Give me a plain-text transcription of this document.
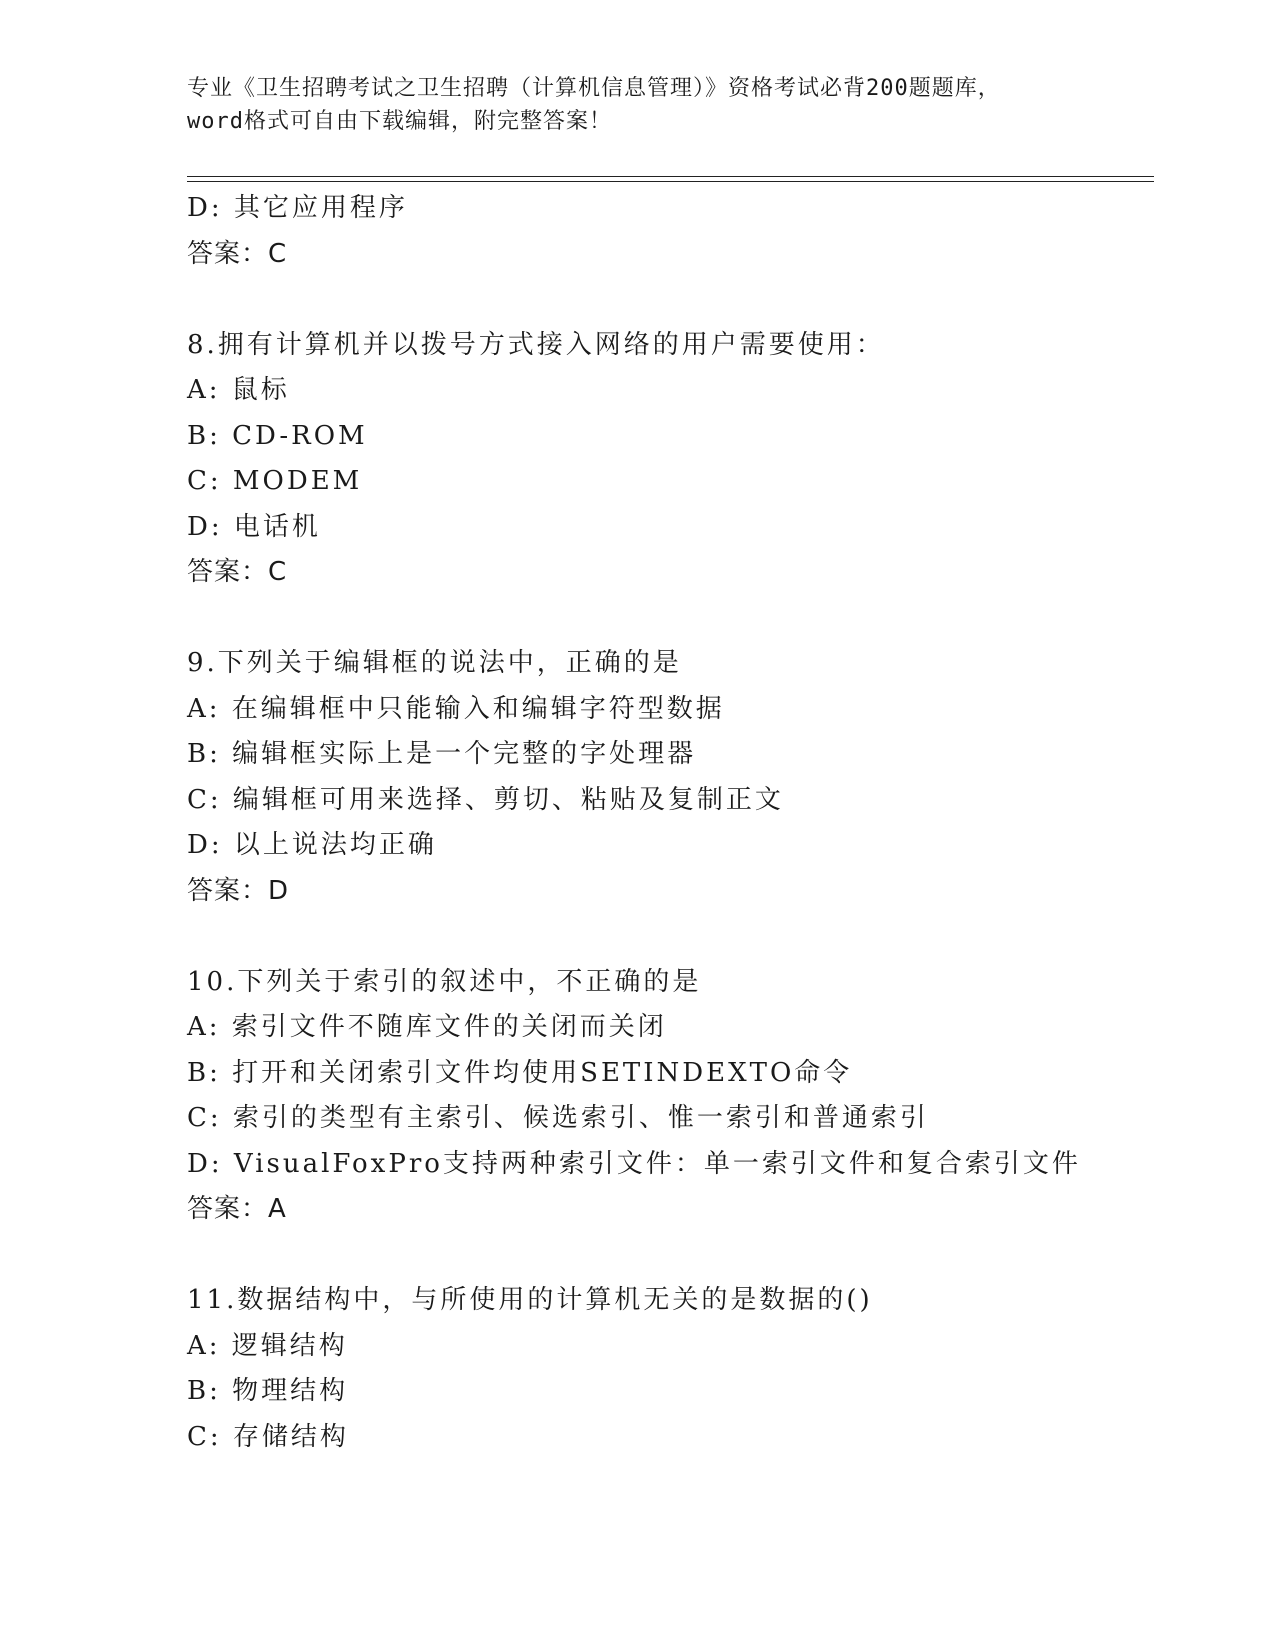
专业《卫生招聘考试之卫生招聘（计算机信息管理）》资格考试必背200题题库，
word格式可自由下载编辑，附完整答案！
D: 其它应用程序
答案：C
8.拥有计算机并以拨号方式接入网络的用户需要使用：
A: 鼠标
B: CD-ROM
C: MODEM
D: 电话机
答案：C
9.下列关于编辑框的说法中，正确的是
A: 在编辑框中只能输入和编辑字符型数据
B: 编辑框实际上是一个完整的字处理器
C: 编辑框可用来选择、剪切、粘贴及复制正文
D: 以上说法均正确
答案：D
10.下列关于索引的叙述中，不正确的是
A: 索引文件不随库文件的关闭而关闭
B: 打开和关闭索引文件均使用SETINDEXTO命令
C: 索引的类型有主索引、候选索引、惟一索引和普通索引
D: VisualFoxPro支持两种索引文件：单一索引文件和复合索引文件
答案：A
11.数据结构中，与所使用的计算机无关的是数据的()
A: 逻辑结构
B: 物理结构
C: 存储结构
